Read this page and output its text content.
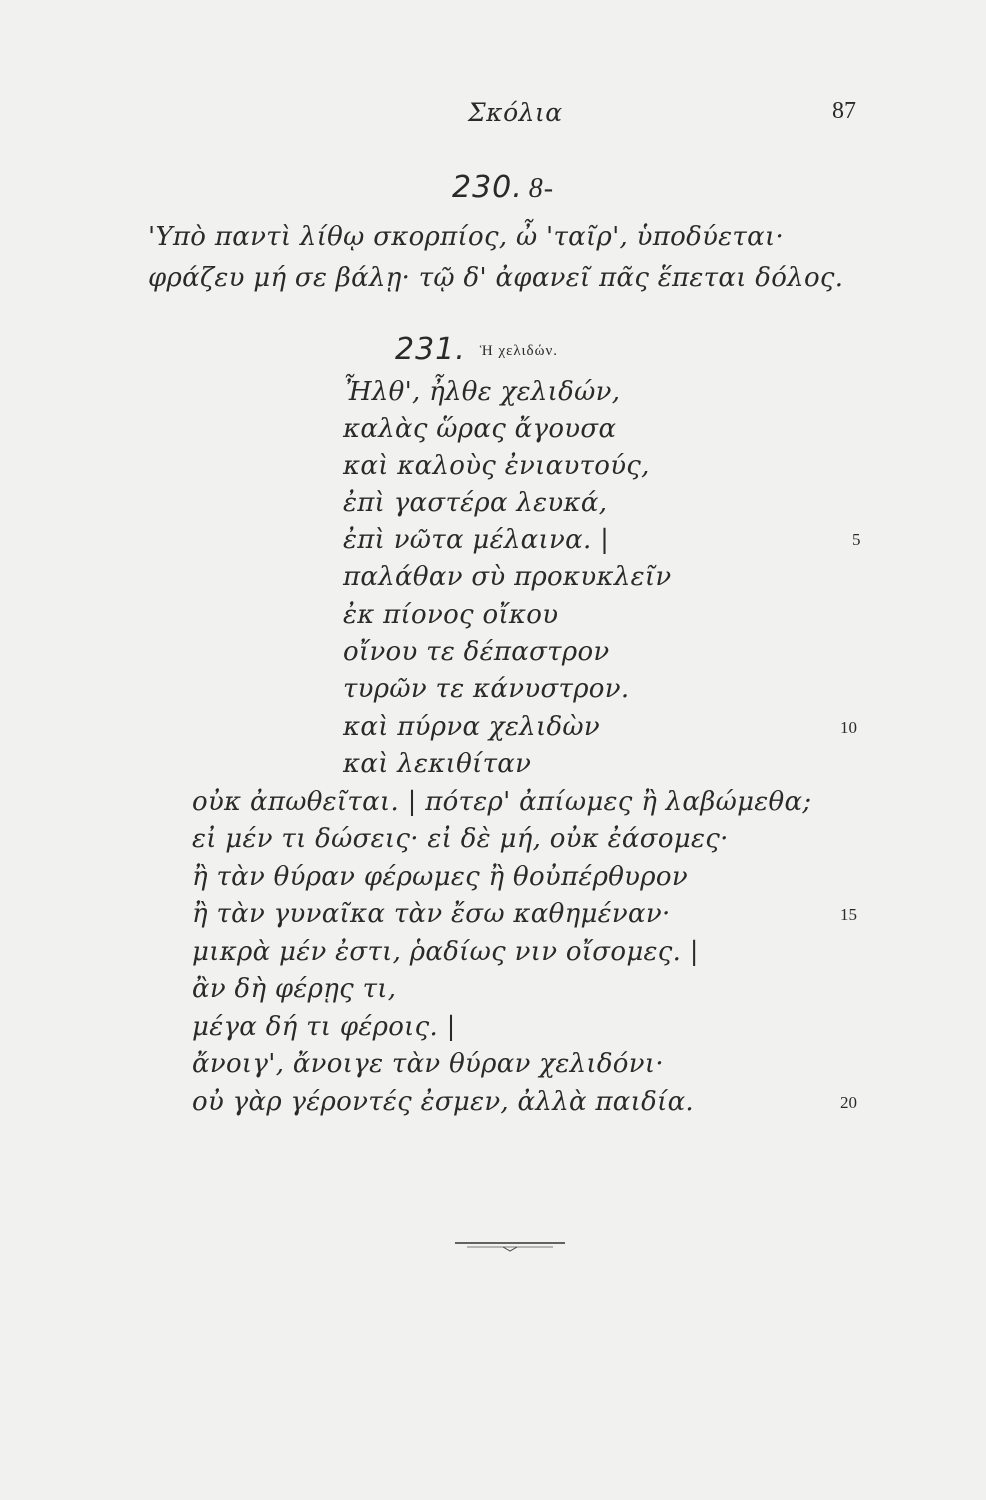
Σκόλια	87
230. 8-
'Υπὸ παντὶ λίθῳ σκορπίος, ὦ 'ταῖρ', ὑποδύεται·
φράζευ μή σε βάλῃ· τῷ δ' ἀφανεῖ πᾶς ἕπεται δόλος.
231. Ἡ χελιδών.
Ἦλθ', ἦλθε χελιδών,
καλὰς ὥρας ἄγουσα
καὶ καλοὺς ἐνιαυτούς,
ἐπὶ γαστέρα λευκά,
ἐπὶ νῶτα μέλαινα. |
παλάθαν σὺ προκυκλεῖν
ἐκ πίονος οἴκου
οἴνου τε δέπαστρον
τυρῶν τε κάνυστρον.
καὶ πύρνα χελιδὼν
καὶ λεκιθίταν
οὐκ ἀπωθεῖται. | πότερ' ἀπίωμες ἢ λαβώμεθα;
εἰ μέν τι δώσεις· εἰ δὲ μή, οὐκ ἐάσομες·
ἢ τὰν θύραν φέρωμες ἢ θοὐπέρθυρον
ἢ τὰν γυναῖκα τὰν ἔσω καθημέναν·
μικρὰ μέν ἐστι, ῥαδίως νιν οἴσομες. |
ἂν δὴ φέρῃς τι,
μέγα δή τι φέροις. |
ἄνοιγ', ἄνοιγε τὰν θύραν χελιδόνι·
οὐ γὰρ γέροντές ἐσμεν, ἀλλὰ παιδία.
5
10
15
20
